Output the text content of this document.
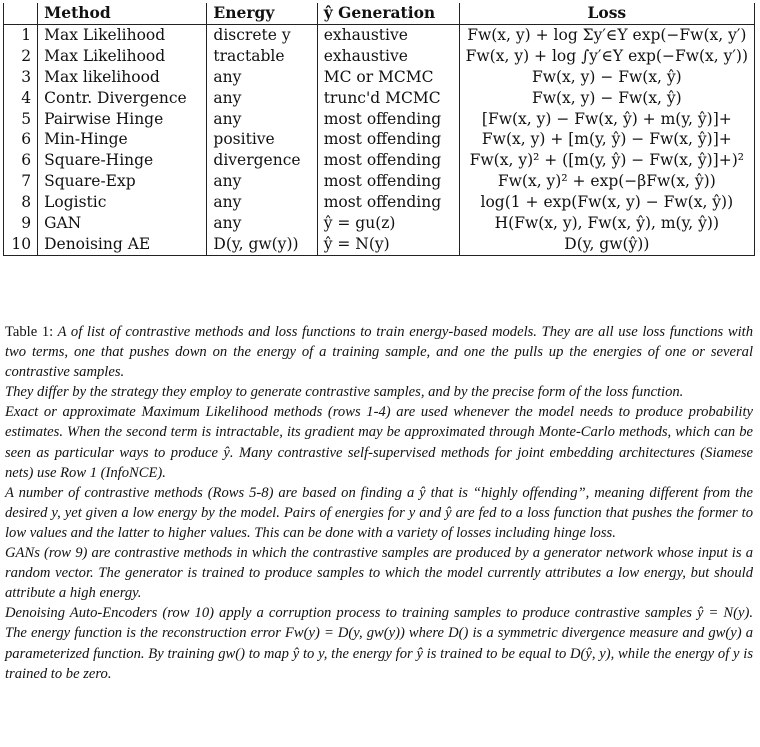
	Method	Energy	ŷ Generation	Loss
1	Max Likelihood	discrete y	exhaustive	Fw(x, y) + log Σy′∈Y exp(−Fw(x, y′)
2	Max Likelihood	tractable	exhaustive	Fw(x, y) + log ∫y′∈Y exp(−Fw(x, y′))
3	Max likelihood	any	MC or MCMC	Fw(x, y) − Fw(x, ŷ)
4	Contr. Divergence	any	trunc'd MCMC	Fw(x, y) − Fw(x, ŷ)
5	Pairwise Hinge	any	most offending	[Fw(x, y) − Fw(x, ŷ) + m(y, ŷ)]+
6	Min-Hinge	positive	most offending	Fw(x, y) + [m(y, ŷ) − Fw(x, ŷ)]+
6	Square-Hinge	divergence	most offending	Fw(x, y)² + ([m(y, ŷ) − Fw(x, ŷ)]+)²
7	Square-Exp	any	most offending	Fw(x, y)² + exp(−βFw(x, ŷ))
8	Logistic	any	most offending	log(1 + exp(Fw(x, y) − Fw(x, ŷ))
9	GAN	any	ŷ = gu(z)	H(Fw(x, y), Fw(x, ŷ), m(y, ŷ))
10	Denoising AE	D(y, gw(y))	ŷ = N(y)	D(y, gw(ŷ))

Table 1: A of list of contrastive methods and loss functions to train energy-based models. They are all use loss functions with two terms, one that pushes down on the energy of a training sample, and one the pulls up the energies of one or several contrastive samples.

They differ by the strategy they employ to generate contrastive samples, and by the precise form of the loss function.

Exact or approximate Maximum Likelihood methods (rows 1-4) are used whenever the model needs to produce probability estimates. When the second term is intractable, its gradient may be approximated through Monte-Carlo methods, which can be seen as particular ways to produce ŷ. Many contrastive self-supervised methods for joint embedding architectures (Siamese nets) use Row 1 (InfoNCE).

A number of contrastive methods (Rows 5-8) are based on finding a ŷ that is “highly offending”, meaning different from the desired y, yet given a low energy by the model. Pairs of energies for y and ŷ are fed to a loss function that pushes the former to low values and the latter to higher values. This can be done with a variety of losses including hinge loss.

GANs (row 9) are contrastive methods in which the contrastive samples are produced by a generator network whose input is a random vector. The generator is trained to produce samples to which the model currently attributes a low energy, but should attribute a high energy.

Denoising Auto-Encoders (row 10) apply a corruption process to training samples to produce contrastive samples ŷ = N(y). The energy function is the reconstruction error Fw(y) = D(y, gw(y)) where D() is a symmetric divergence measure and gw(y) a parameterized function. By training gw() to map ŷ to y, the energy for ŷ is trained to be equal to D(ŷ, y), while the energy of y is trained to be zero.
